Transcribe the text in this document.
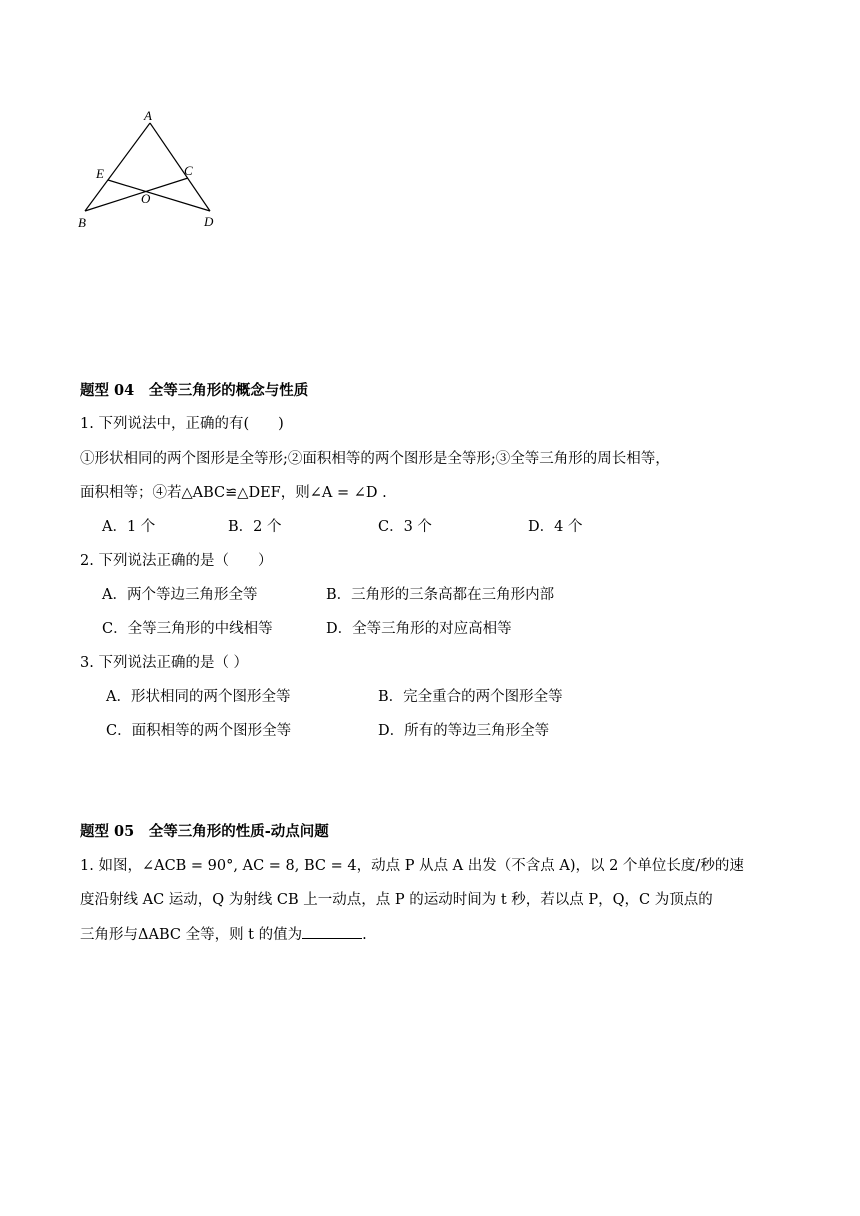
A
E	C
O
B	D
题型 04　全等三角形的概念与性质
1. 下列说法中，正确的有(　　)
①形状相同的两个图形是全等形;②面积相等的两个图形是全等形;③全等三角形的周长相等，
面积相等；④若△ABC≌△DEF，则∠A = ∠D .
A．1 个	B．2 个	C．3 个	D．4 个
2. 下列说法正确的是（　　）
A．两个等边三角形全等	B．三角形的三条高都在三角形内部
C．全等三角形的中线相等	D．全等三角形的对应高相等
3. 下列说法正确的是（ ）
A．形状相同的两个图形全等	B．完全重合的两个图形全等
C．面积相等的两个图形全等	D．所有的等边三角形全等
题型 05　全等三角形的性质-动点问题
1. 如图，∠ACB = 90°, AC = 8, BC = 4，动点 P 从点 A 出发（不含点 A)，以 2 个单位长度/秒的速
度沿射线 AC 运动，Q 为射线 CB 上一动点，点 P 的运动时间为 t 秒，若以点 P，Q，C 为顶点的
三角形与ΔABC 全等，则 t 的值为	.
